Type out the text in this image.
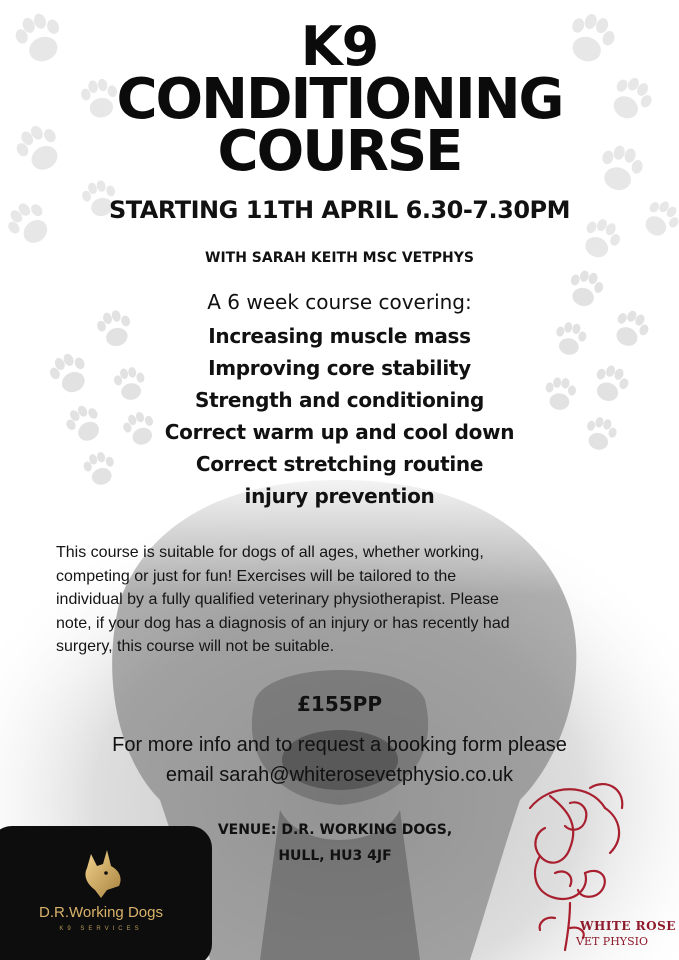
K9
CONDITIONING
COURSE
STARTING 11TH APRIL 6.30-7.30PM
WITH SARAH KEITH MSC VETPHYS
A 6 week course covering:
Increasing muscle mass
Improving core stability
Strength and conditioning
Correct warm up and cool down
Correct stretching routine
injury prevention
This course is suitable for dogs of all ages, whether working,
competing or just for fun! Exercises will be tailored to the
individual by a fully qualified veterinary physiotherapist. Please
note, if your dog has a diagnosis of an injury or has recently had
surgery, this course will not be suitable.
£155PP
For more info and to request a booking form please
email sarah@whiterosevetphysio.co.uk
VENUE: D.R. WORKING DOGS,
HULL, HU3 4JF
D.R.Working Dogs
K9 SERVICES	WHITE ROSE
VET PHYSIO
